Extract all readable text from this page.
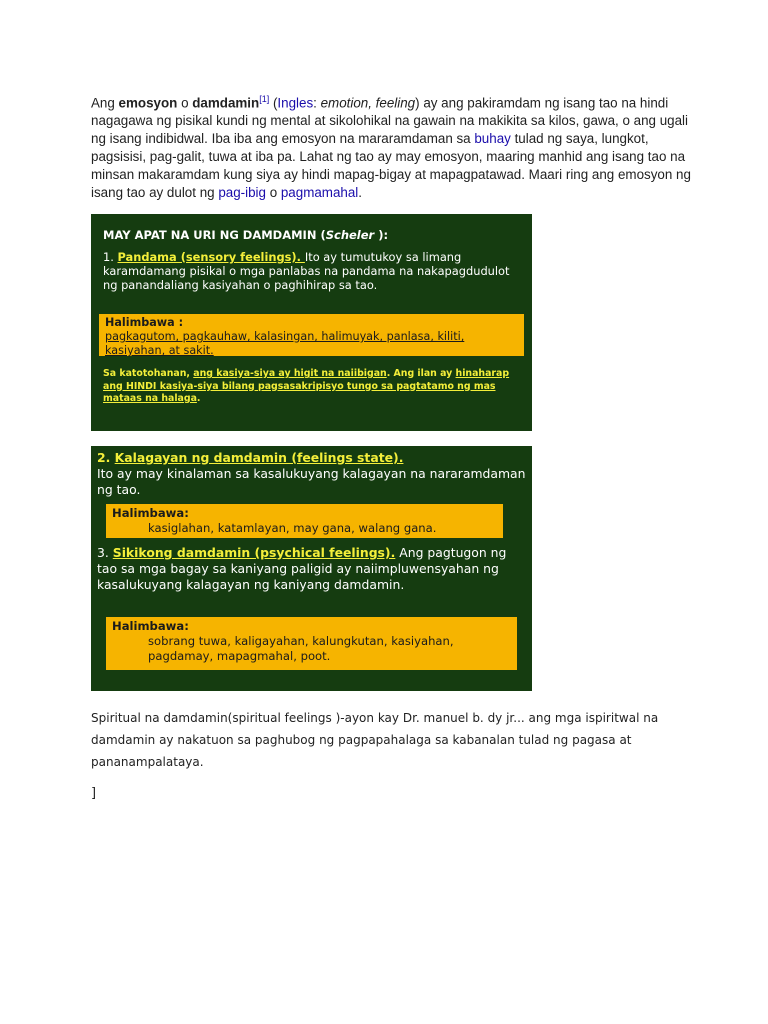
Ang emosyon o damdamin[1] (Ingles: emotion, feeling) ay ang pakiramdam ng isang tao na hindi nagagawa ng pisikal kundi ng mental at sikolohikal na gawain na makikita sa kilos, gawa, o ang ugali ng isang indibidwal. Iba iba ang emosyon na mararamdaman sa buhay tulad ng saya, lungkot, pagsisisi, pag-galit, tuwa at iba pa. Lahat ng tao ay may emosyon, maaring manhid ang isang tao na minsan makaramdam kung siya ay hindi mapag-bigay at mapagpatawad. Maari ring ang emosyon ng isang tao ay dulot ng pag-ibig o pagmamahal.
MAY APAT NA URI NG DAMDAMIN (Scheler ):
1. Pandama (sensory feelings). Ito ay tumutukoy sa limang karamdamang pisikal o mga panlabas na pandama na nakapagdudulot ng panandaliang kasiyahan o paghihirap sa tao.
Halimbawa :
pagkagutom, pagkauhaw, kalasingan, halimuyak, panlasa, kiliti, kasiyahan, at sakit.
Sa katotohanan, ang kasiya-siya ay higit na naiibigan. Ang ilan ay hinaharap ang HINDI kasiya-siya bilang pagsasakripisyo tungo sa pagtatamo ng mas mataas na halaga.
2. Kalagayan ng damdamin (feelings state).
Ito ay may kinalaman sa kasalukuyang kalagayan na nararamdaman ng tao.
Halimbawa:
kasiglahan, katamlayan, may gana, walang gana.
3. Sikikong damdamin (psychical feelings). Ang pagtugon ng tao sa mga bagay sa kaniyang paligid ay naiimpluwensyahan ng kasalukuyang kalagayan ng kaniyang damdamin.
Halimbawa:
sobrang tuwa, kaligayahan, kalungkutan, kasiyahan, pagdamay, mapagmahal, poot.
Spiritual na damdamin(spiritual feelings )-ayon kay Dr. manuel b. dy jr... ang mga ispiritwal na damdamin ay nakatuon sa paghubog ng pagpapahalaga sa kabanalan tulad ng pagasa at pananampalataya.
]
